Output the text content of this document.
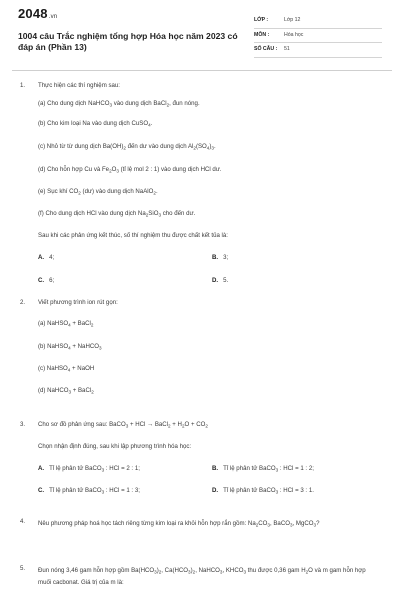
2048.vn
1004 câu Trắc nghiệm tổng hợp Hóa học năm 2023 có đáp án (Phần 13)
LỚP :	Lớp 12
MÔN :	Hóa học
SỐ CÂU : 51
1. Thực hiện các thí nghiệm sau:
(a) Cho dung dịch NaHCO$_3$ vào dung dịch BaCl$_2$, đun nóng.
(b) Cho kim loại Na vào dung dịch CuSO$_4$.
(c) Nhỏ từ từ dung dịch $Ba(OH)_2$ đến dư vào dung dịch $Al_2(SO_4)_3$.
(d) Cho hỗn hợp Cu và $Fe_2O_3$ (tỉ lệ mol 2 : 1) vào dung dịch HCl dư.
(e) Sục khí $CO_2$ (dư) vào dung dịch NaAlO$_2$.
(f) Cho dung dịch HCl vào dung dịch $Na_2SiO_3$ cho đến dư.
Sau khi các phản ứng kết thúc, số thí nghiệm thu được chất kết tủa là:
A. 4;	B. 3;
C. 6;	D. 5.
2. Viết phương trình ion rút gọn:
(a) NaHSO$_4$ + BaCl$_2$
(b) NaHSO$_4$ + NaHCO$_3$
(c) NaHSO$_4$ + NaOH
(d) NaHCO$_3$ + BaCl$_2$
3. Cho sơ đồ phản ứng sau: BaCO$_3$ + HCl → BaCl$_2$ + $H_2O + CO_2$
Chọn nhận định đúng, sau khi lập phương trình hóa học:
A. Tỉ lệ phân tử BaCO$_3$ : HCl = 2 : 1;	B. Tỉ lệ phân tử BaCO$_3$ : HCl = 1 : 2;
C. Tỉ lệ phân tử BaCO$_3$ : HCl = 1 : 3;	D. Tỉ lệ phân tử BaCO$_3$ : HCl = 3 : 1.
4. Nêu phương pháp hoá học tách riêng từng kim loại ra khỏi hỗn hợp rắn gồm: $Na_2CO_3$, BaCO$_3$, MgCO$_3$?
5. Đun nóng 3,46 gam hỗn hợp gồm $Ba(HCO_3)_2$, $Ca(HCO_3)_2$, NaHCO$_3$, $KHCO_3$ thu được 0,36 gam $H_2O$ và m gam hỗn hợp muối cacbonat. Giá trị của m là:
